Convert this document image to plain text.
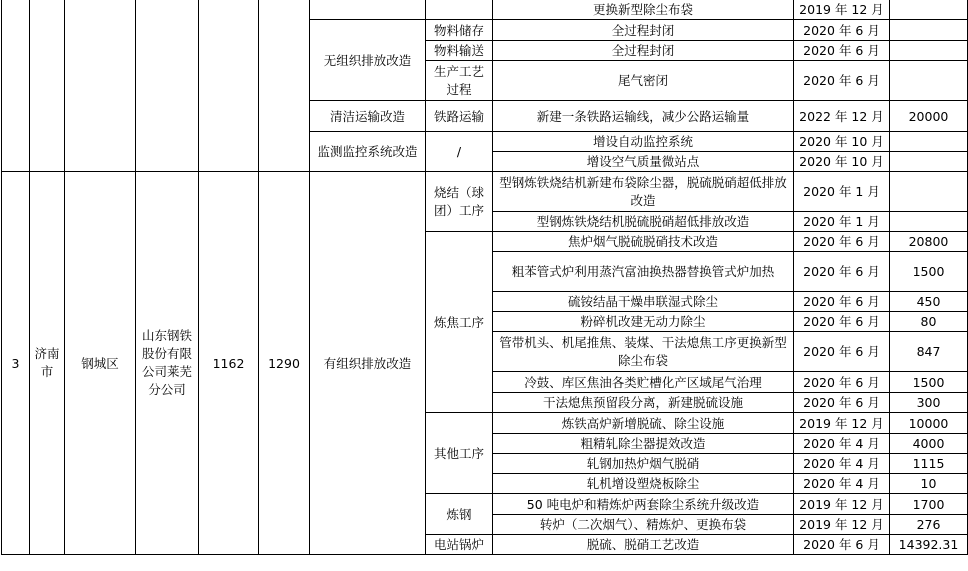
								更换新型除尘布袋	2019 年 12 月	
						无组织排放改造	物料储存	全过程封闭	2020 年 6 月	
							物料输送	全过程封闭	2020 年 6 月	
							生产工艺过程	尾气密闭	2020 年 6 月	
						清洁运输改造	铁路运输	新建一条铁路运输线，减少公路运输量	2022 年 12 月	20000
						监测监控系统改造	/	增设自动监控系统	2020 年 10 月	
								增设空气质量微站点	2020 年 10 月	

3	济南市	钢城区	山东钢铁股份有限公司莱芜分公司	1162	1290	有组织排放改造	烧结（球团）工序	型钢炼铁烧结机新建布袋除尘器，脱硫脱硝超低排放改造	2020 年 1 月	
								型钢炼铁烧结机脱硫脱硝超低排放改造	2020 年 1 月	
							炼焦工序	焦炉烟气脱硫脱硝技术改造	2020 年 6 月	20800
								粗苯管式炉利用蒸汽富油换热器替换管式炉加热	2020 年 6 月	1500
								硫铵结晶干燥串联湿式除尘	2020 年 6 月	450
								粉碎机改建无动力除尘	2020 年 6 月	80
								管带机头、机尾推焦、装煤、干法熄焦工序更换新型除尘布袋	2020 年 6 月	847
								冷鼓、库区焦油各类贮槽化产区域尾气治理	2020 年 6 月	1500
								干法熄焦预留段分离，新建脱硫设施	2020 年 6 月	300

							其他工序	炼铁高炉新增脱硫、除尘设施	2019 年 12 月	10000
								粗精轧除尘器提效改造	2020 年 4 月	4000
								轧钢加热炉烟气脱硝	2020 年 4 月	1115
								轧机增设塑烧板除尘	2020 年 4 月	10
							炼钢	50 吨电炉和精炼炉两套除尘系统升级改造	2019 年 12 月	1700
								转炉（二次烟气）、精炼炉、更换布袋	2019 年 12 月	276
							电站锅炉	脱硫、脱硝工艺改造	2020 年 6 月	14392.31
